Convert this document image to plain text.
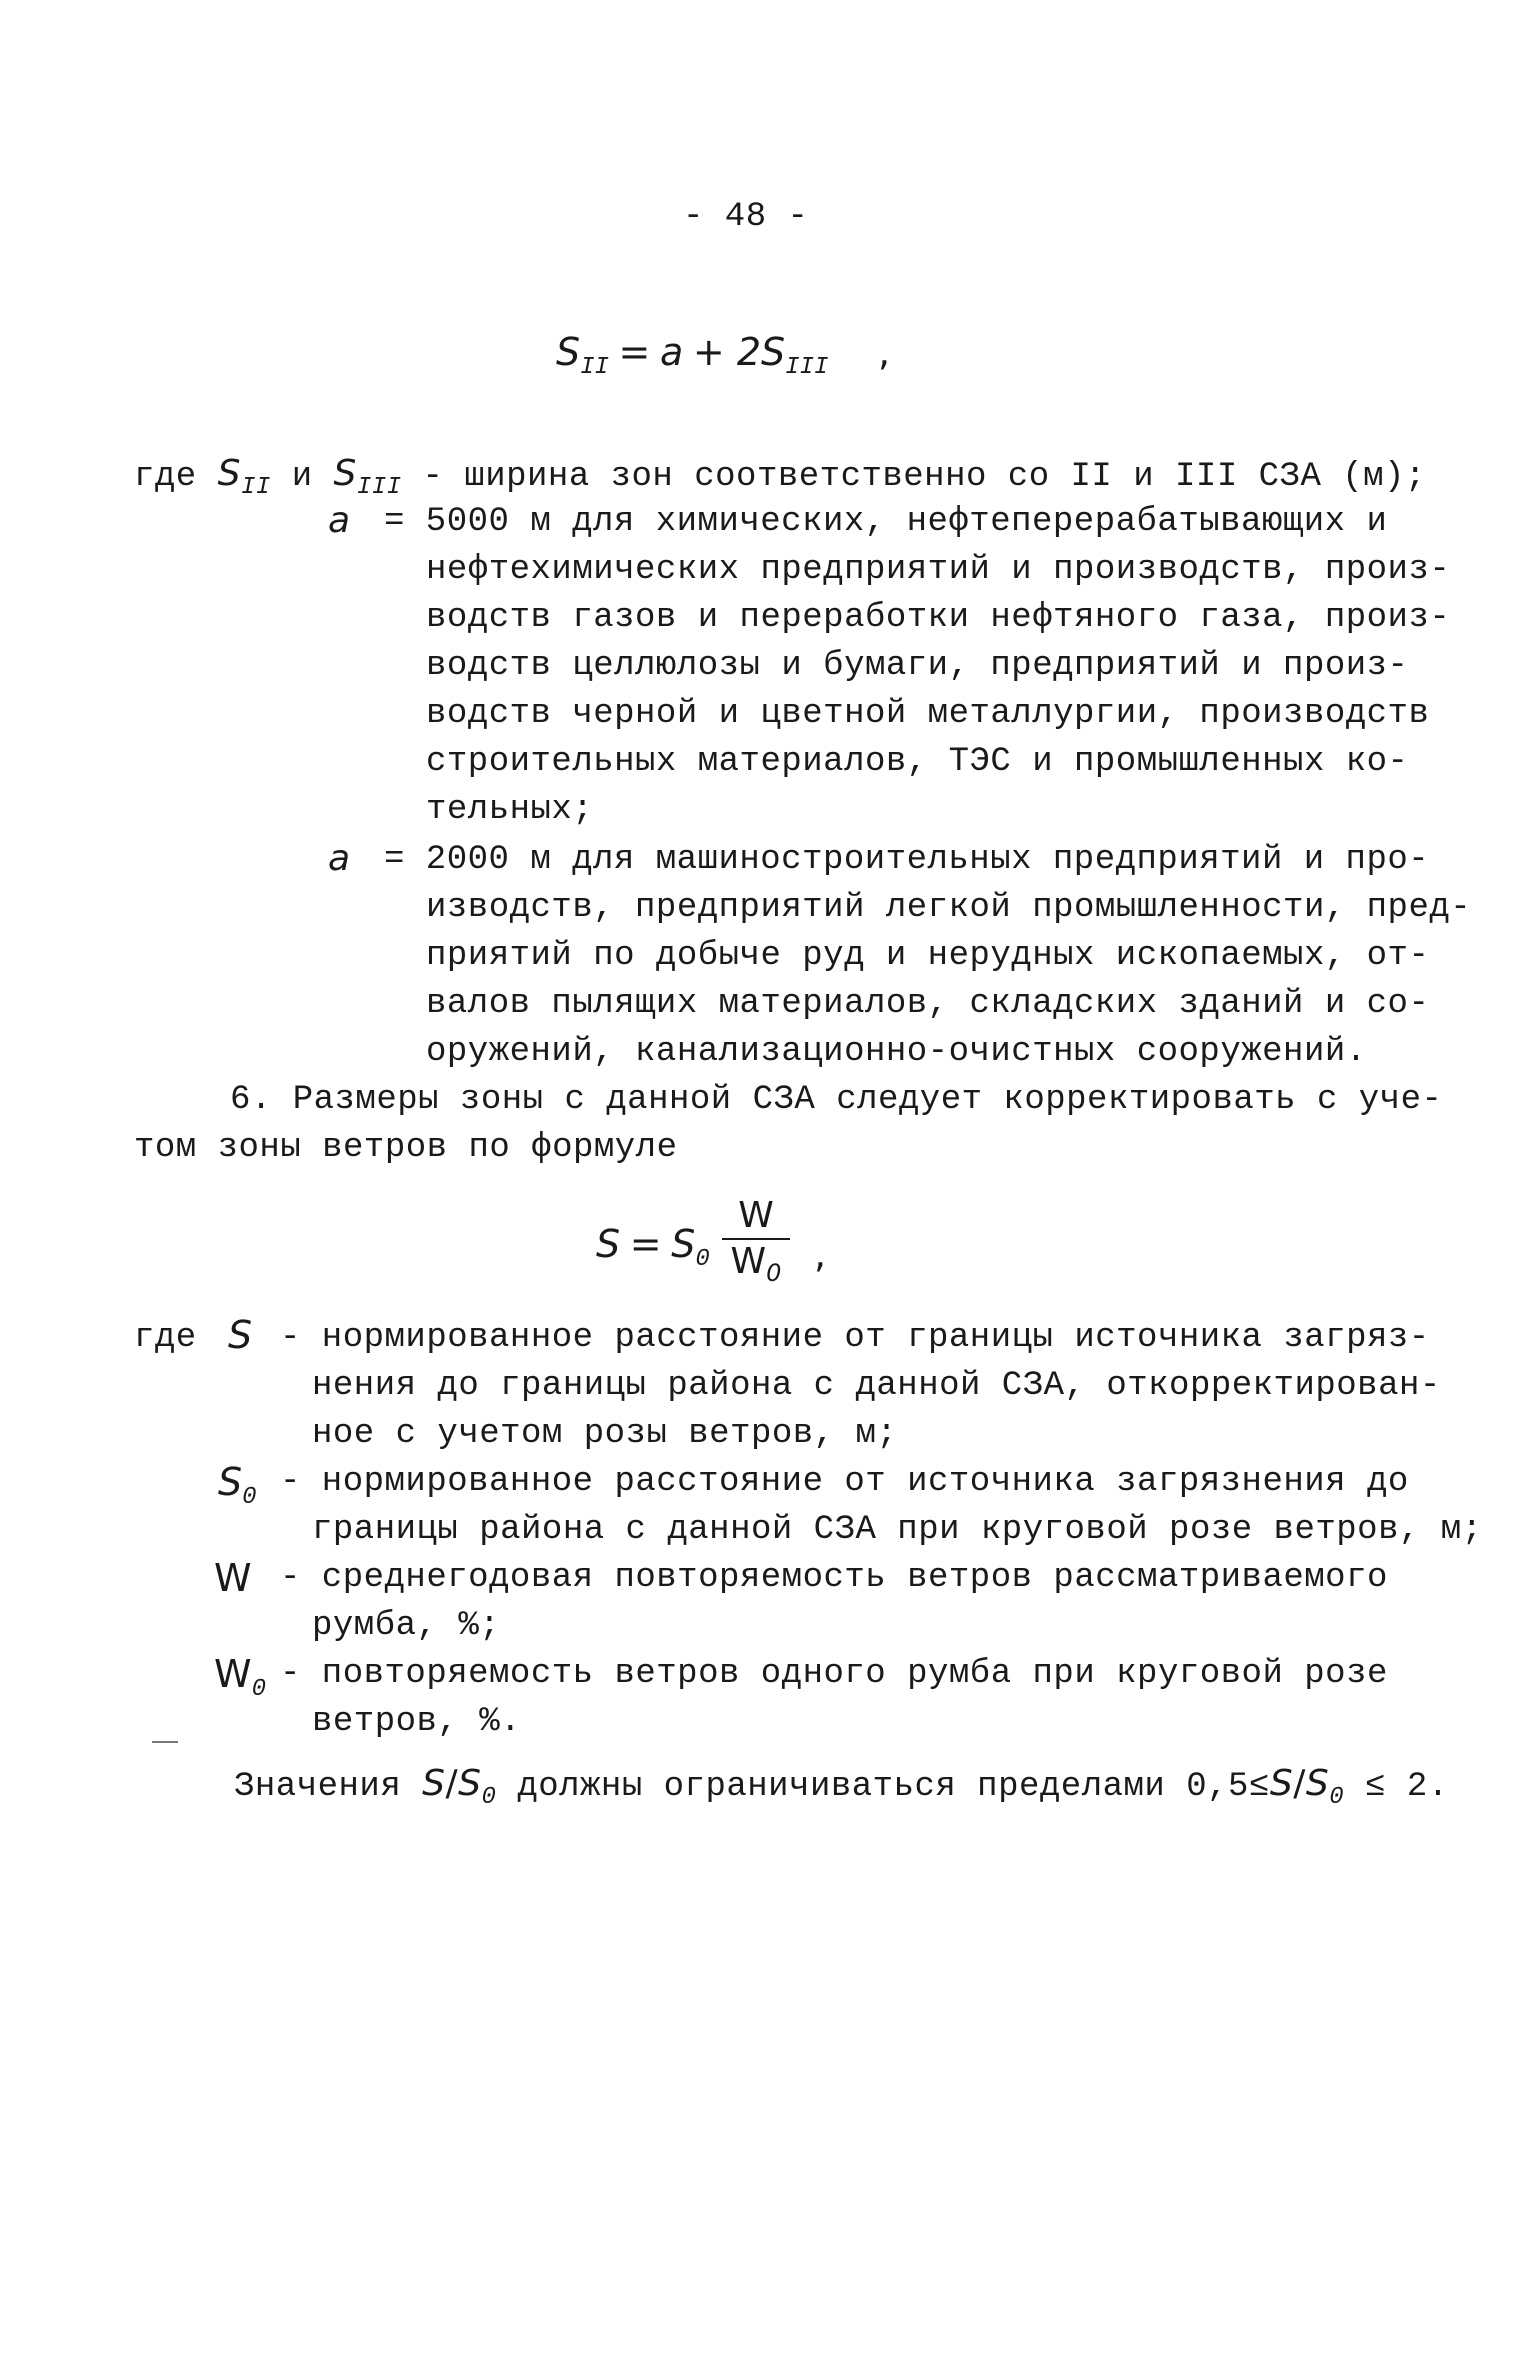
- 48 -
$S_{II} = a + 2S_{III}$ ,
где $S_{II}$ и $S_{III}$ - ширина зон соответственно со II и III СЗА (м);
a = 5000 м для химических, нефтеперерабатывающих и
нефтехимических предприятий и производств, произ-
водств газов и переработки нефтяного газа, произ-
водств целлюлозы и бумаги, предприятий и произ-
водств черной и цветной металлургии, производств
строительных материалов, ТЭС и промышленных ко-
тельных;
a = 2000 м для машиностроительных предприятий и про-
изводств, предприятий легкой промышленности, пред-
приятий по добыче руд и нерудных ископаемых, от-
валов пылящих материалов, складских зданий и со-
оружений, канализационно-очистных сооружений.
6. Размеры зоны с данной СЗА следует корректировать с уче-
том зоны ветров по формуле
$S = S_0$
W
$W_0$ ,
где S - нормированное расстояние от границы источника загряз-
нения до границы района с данной СЗА, откорректирован-
ное с учетом розы ветров, м;
$S_0$ - нормированное расстояние от источника загрязнения до
границы района с данной СЗА при круговой розе ветров, м;
W - среднегодовая повторяемость ветров рассматриваемого
румба, %;
$W_0$ - повторяемость ветров одного румба при круговой розе
ветров, %.
Значения $S/S_0$ должны ограничиваться пределами $0,5\le S/S_0 \le 2$.
